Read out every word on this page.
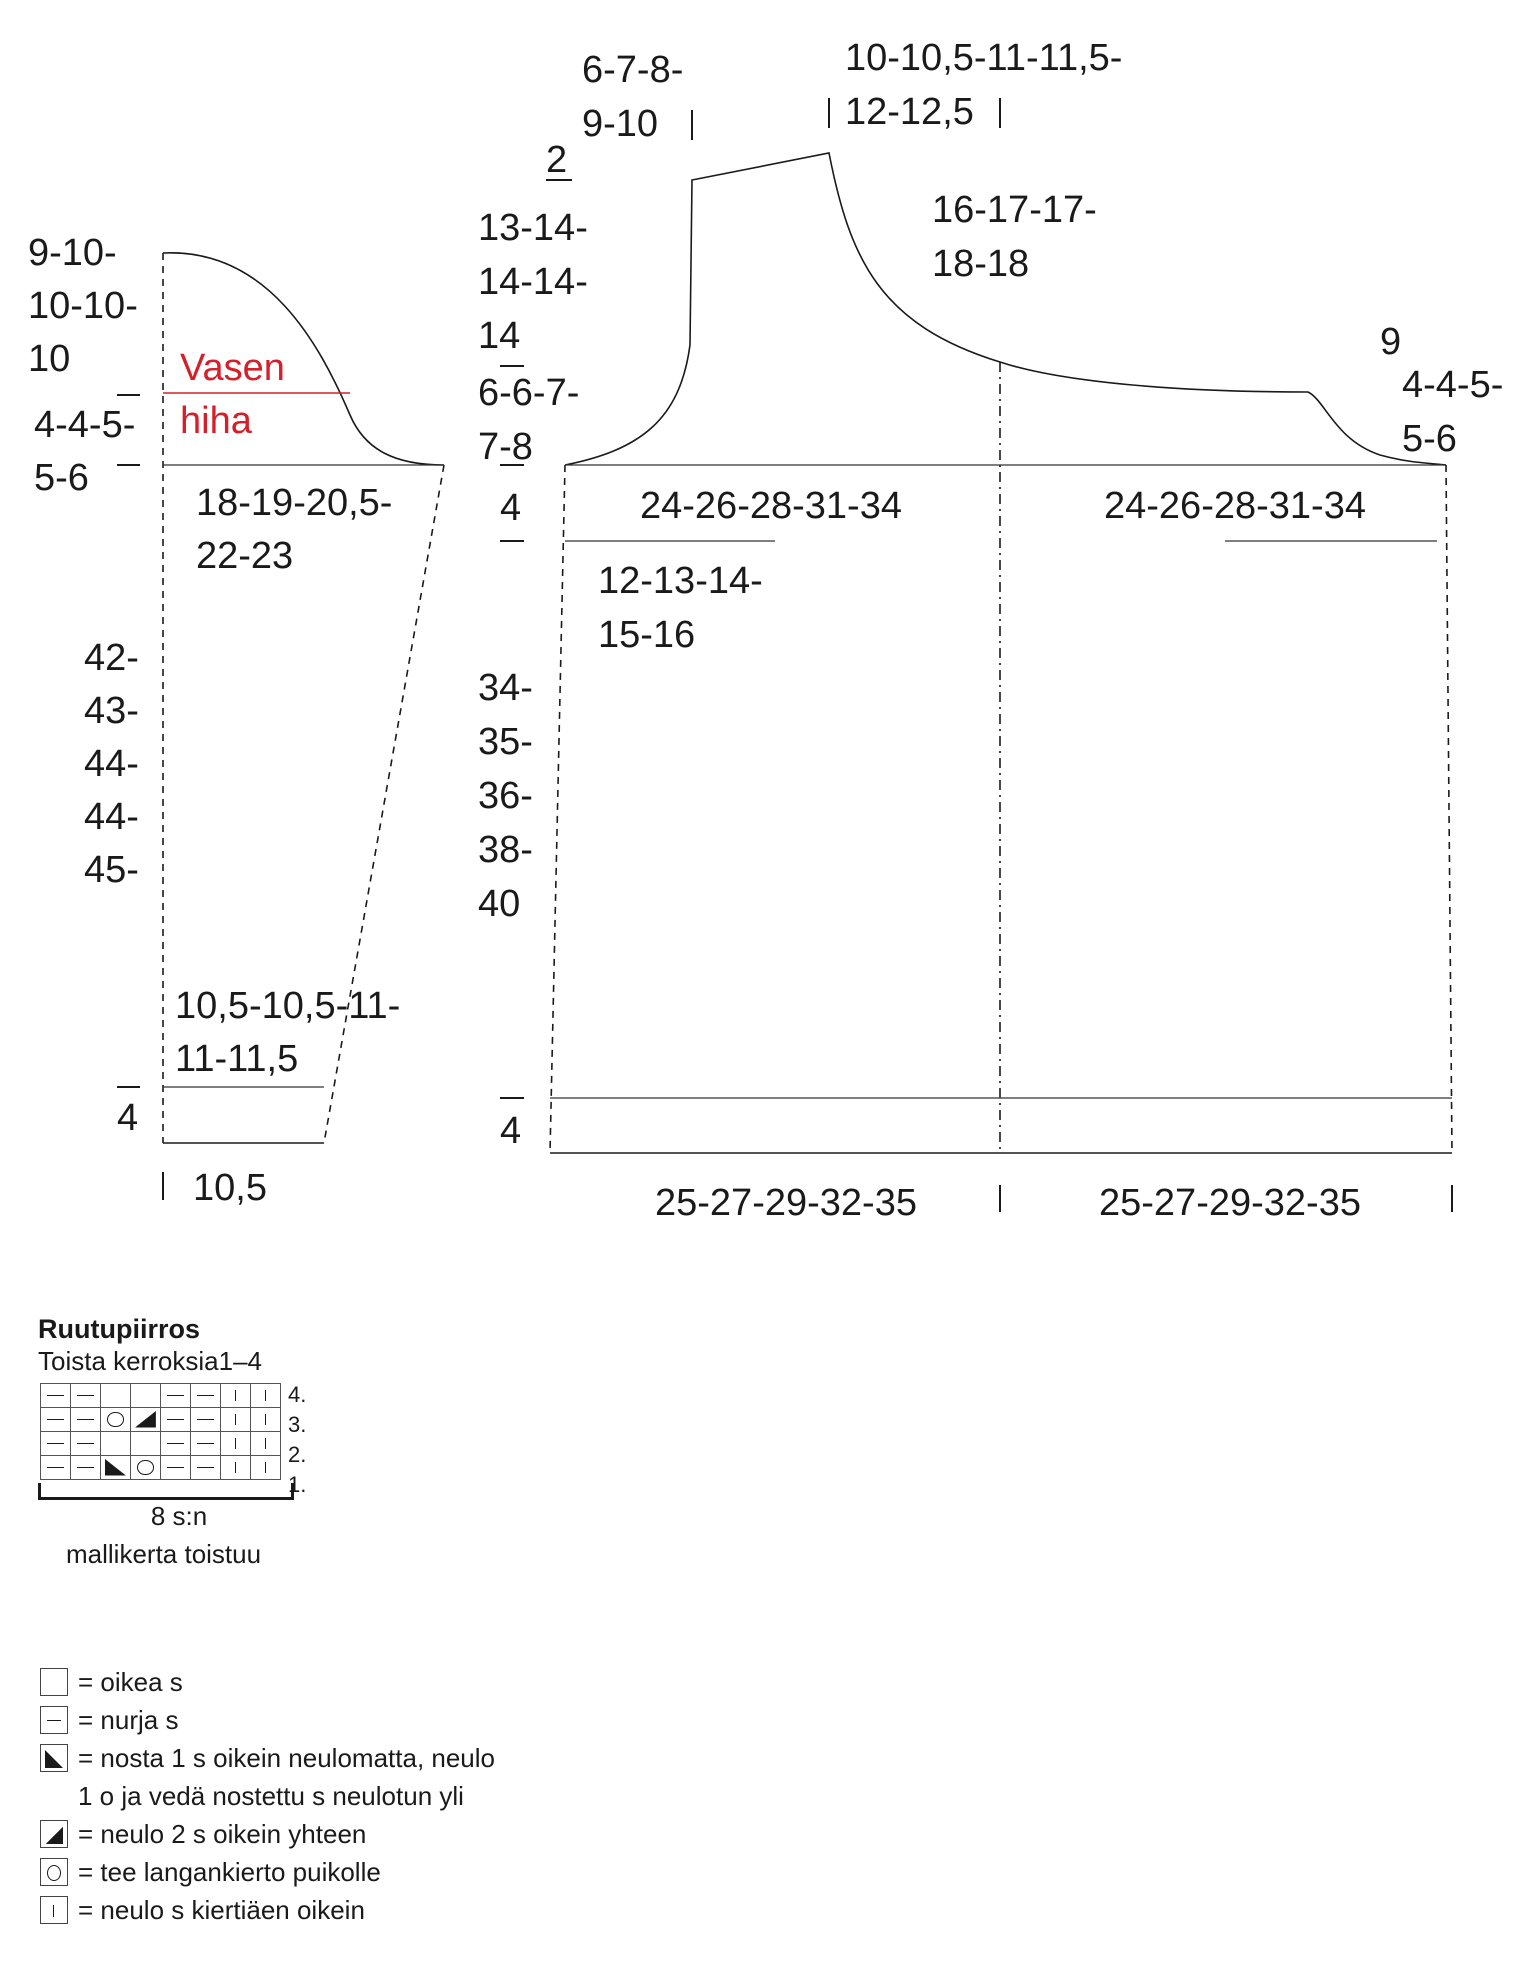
9-10-
10-10-
10
4-4-5-
5-6
Vasen
hiha
18-19-20,5-
22-23
42-
43-
44-
44-
45-
10,5-10,5-11-
11-11,5
4
10,5
6-7-8-
9-10
10-10,5-11-11,5-
12-12,5
2
13-14-
14-14-
14
6-6-7-
7-8
16-17-17-
18-18
9
4-4-5-
5-6
4	24-26-28-31-34	24-26-28-31-34
12-13-14-
15-16
34-
35-
36-
38-
40
4
25-27-29-32-35	25-27-29-32-35
Ruutupiirros
Toista kerroksia1–4

4.
3.
2.
1.
8 s:n
mallikerta toistuu
= oikea s
= nurja s
= nosta 1 s oikein neulomatta, neulo
1 o ja vedä nostettu s neulotun yli
= neulo 2 s oikein yhteen
= tee langankierto puikolle
= neulo s kiertiäen oikein
